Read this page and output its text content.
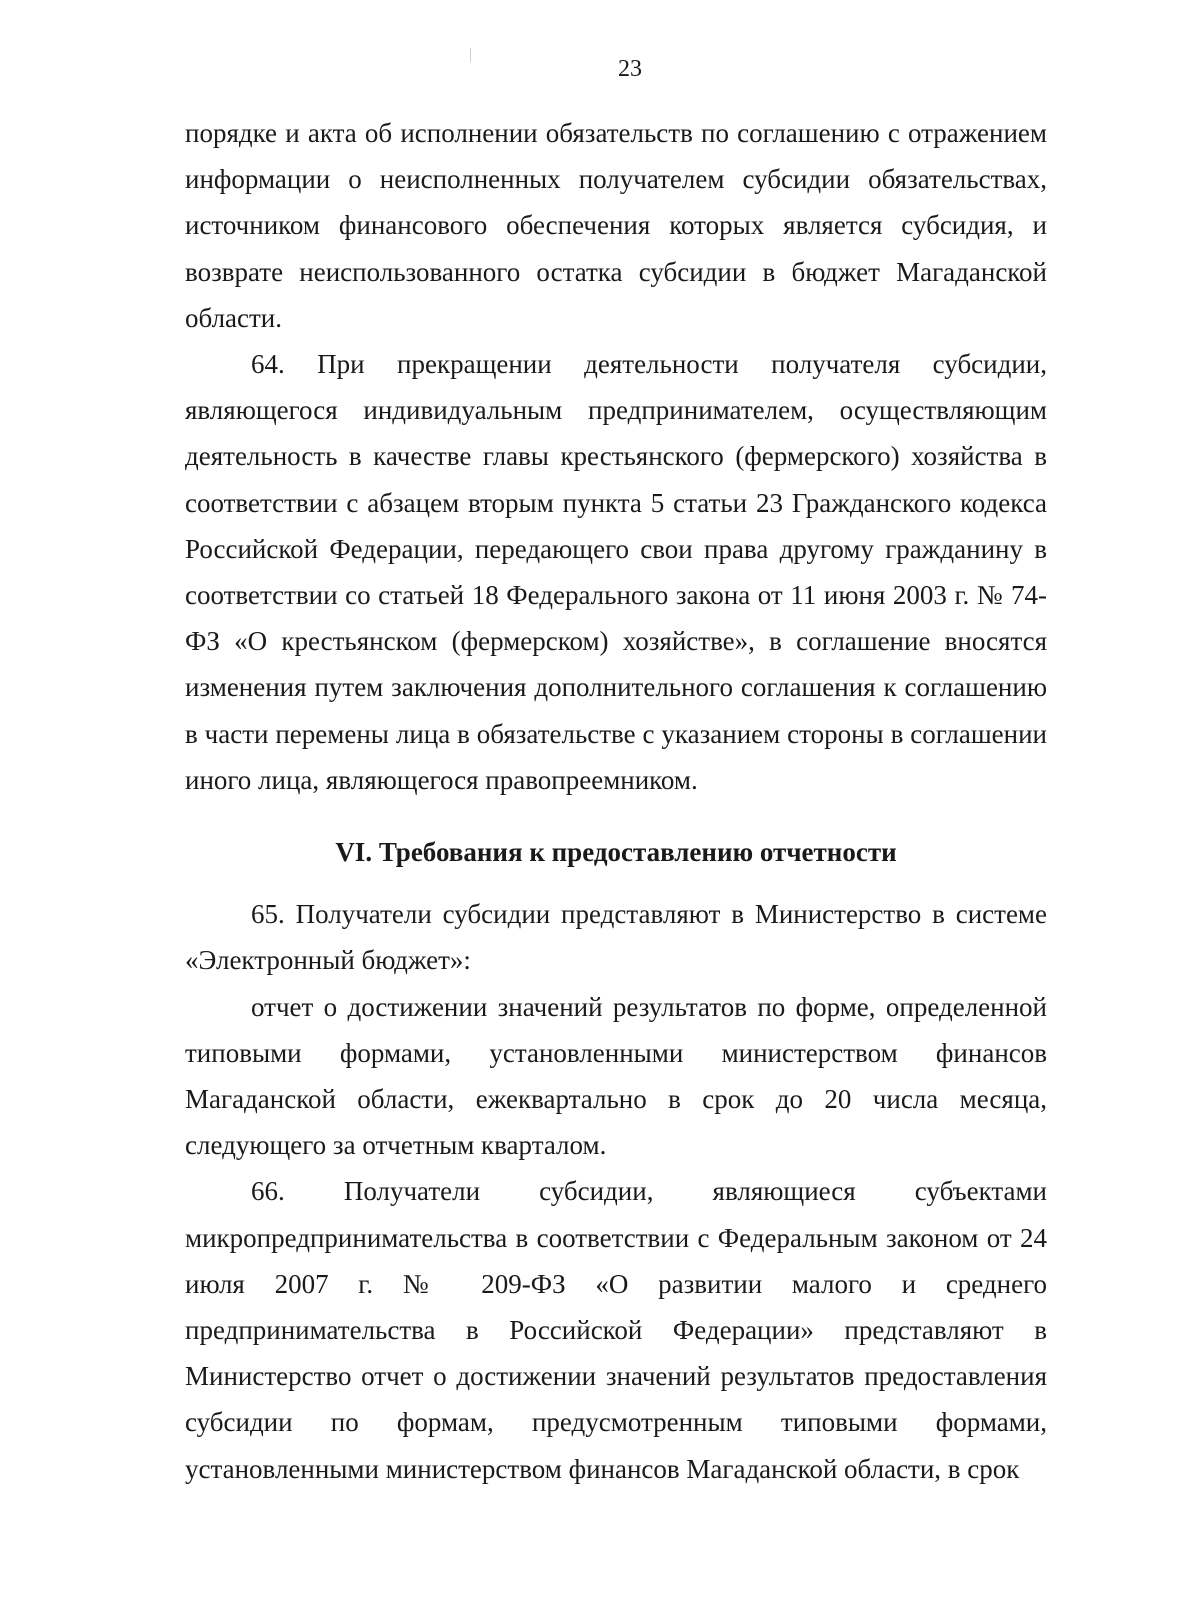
23

порядке и акта об исполнении обязательств по соглашению с отражением информации о неисполненных получателем субсидии обязательствах, источником финансового обеспечения которых является субсидия, и возврате неиспользованного остатка субсидии в бюджет Магаданской области.

64. При прекращении деятельности получателя субсидии, являющегося индивидуальным предпринимателем, осуществляющим деятельность в качестве главы крестьянского (фермерского) хозяйства в соответствии с абзацем вторым пункта 5 статьи 23 Гражданского кодекса Российской Федерации, передающего свои права другому гражданину в соответствии со статьей 18 Федерального закона от 11 июня 2003 г. № 74-ФЗ «О крестьянском (фермерском) хозяйстве», в соглашение вносятся изменения путем заключения дополнительного соглашения к соглашению в части перемены лица в обязательстве с указанием стороны в соглашении иного лица, являющегося правопреемником.

VI. Требования к предоставлению отчетности

65. Получатели субсидии представляют в Министерство в системе «Электронный бюджет»:

отчет о достижении значений результатов по форме, определенной типовыми формами, установленными министерством финансов Магаданской области, ежеквартально в срок до 20 числа месяца, следующего за отчетным кварталом.

66. Получатели субсидии, являющиеся субъектами микропредпринимательства в соответствии с Федеральным законом от 24 июля 2007 г. № 209-ФЗ «О развитии малого и среднего предпринимательства в Российской Федерации» представляют в Министерство отчет о достижении значений результатов предоставления субсидии по формам, предусмотренным типовыми формами, установленными министерством финансов Магаданской области, в срок
